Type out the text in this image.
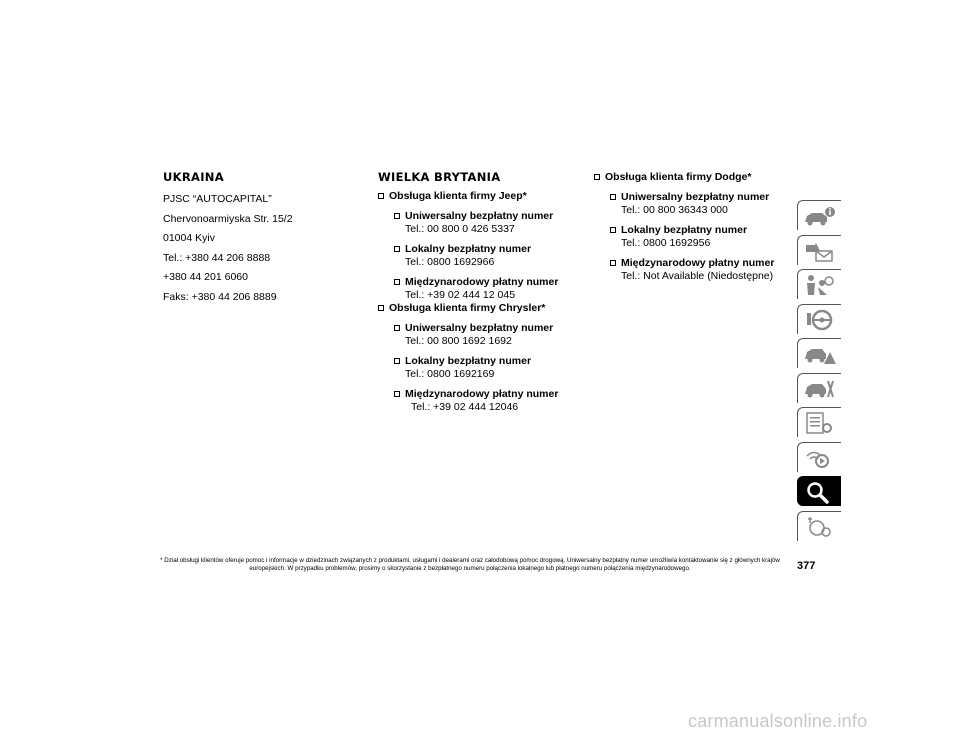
UKRAINA
PJSC “AUTOCAPITAL”
Chervonoarmiyska Str. 15/2
01004 Kyiv
Tel.: +380 44 206 8888
+380 44 201 6060
Faks: +380 44 206 8889
WIELKA BRYTANIA
Obsługa klienta firmy Jeep*
Uniwersalny bezpłatny numer
Tel.: 00 800 0 426 5337
Lokalny bezpłatny numer
Tel.: 0800 1692966
Międzynarodowy płatny numer
Tel.: +39 02 444 12 045
Obsługa klienta firmy Chrysler*
Uniwersalny bezpłatny numer
Tel.: 00 800 1692 1692
Lokalny bezpłatny numer
Tel.: 0800 1692169
Międzynarodowy płatny numer
Tel.: +39 02 444 12046
Obsługa klienta firmy Dodge*
Uniwersalny bezpłatny numer
Tel.: 00 800 36343 000
Lokalny bezpłatny numer
Tel.: 0800 1692956
Międzynarodowy płatny numer
Tel.: Not Available (Niedostępne)
* Dział obsługi klientów oferuje pomoc i informacje w dziedzinach związanych z produktami, usługami i dealerami oraz całodobową pomoc drogową. Uniwersalny bezpłatny numer umożliwia kontaktowanie się z głównych krajów europejskich. W przypadku problemów, prosimy o skorzystanie z bezpłatnego numeru połączenia lokalnego lub płatnego numeru połączenia międzynarodowego.	377
carmanualsonline.info
